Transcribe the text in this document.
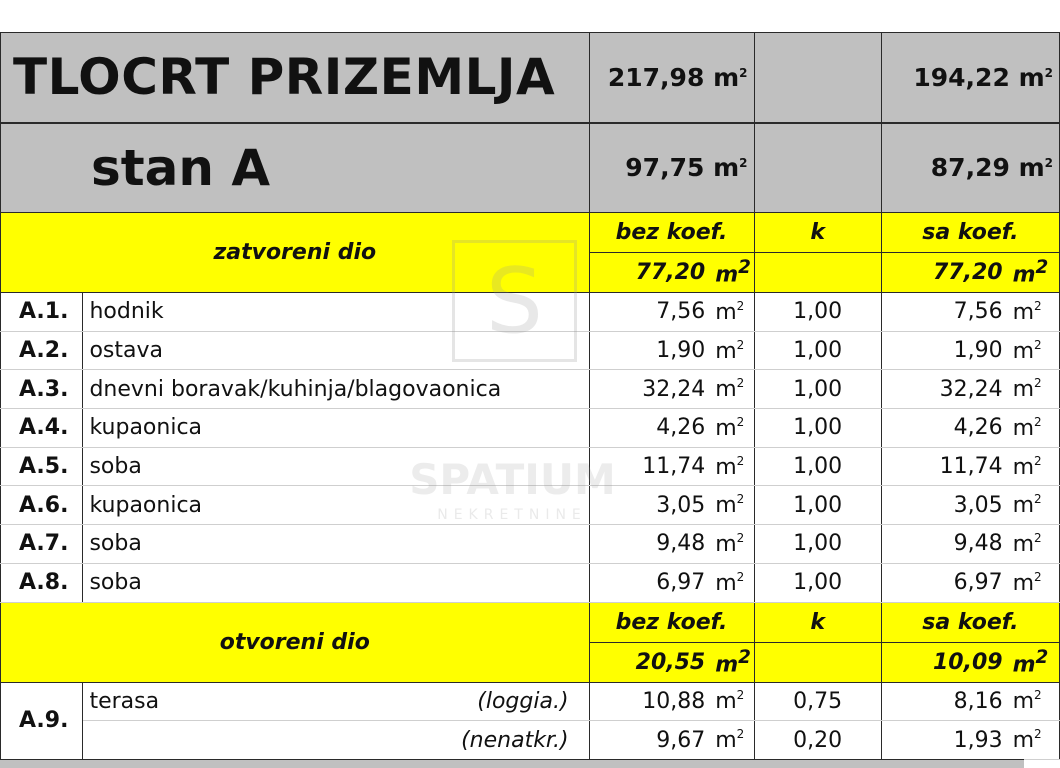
TLOCRT PRIZEMLJA		217,98 $m^2$			194,22 $m^2$
stan A		97,75 $m^2$			87,29 $m^2$
zatvoreni dio		bez koef.		k	sa koef.	
		77,20	$m^2$		77,20	$m^2$
A.1.	hodnik	7,56	$m^2$	1,00	7,56	$m^2$
A.2.	ostava	1,90	$m^2$	1,00	1,90	$m^2$
A.3.	dnevni boravak/kuhinja/blagovaonica	32,24	$m^2$	1,00	32,24	$m^2$
A.4.	kupaonica	4,26	$m^2$	1,00	4,26	$m^2$
A.5.	soba	11,74	$m^2$	1,00	11,74	$m^2$
A.6.	kupaonica	3,05	$m^2$	1,00	3,05	$m^2$
A.7.	soba	9,48	$m^2$	1,00	9,48	$m^2$
A.8.	soba	6,97	$m^2$	1,00	6,97	$m^2$
otvoreni dio		bez koef.		k	sa koef.	
		20,55	$m^2$		10,09	$m^2$
A.9.	terasa (loggia.)	10,88	$m^2$	0,75	8,16	$m^2$

	(nenatkr.)	9,67	$m^2$	0,20	1,93	$m^2$
S
SPATIUM
NEKRETNINE
